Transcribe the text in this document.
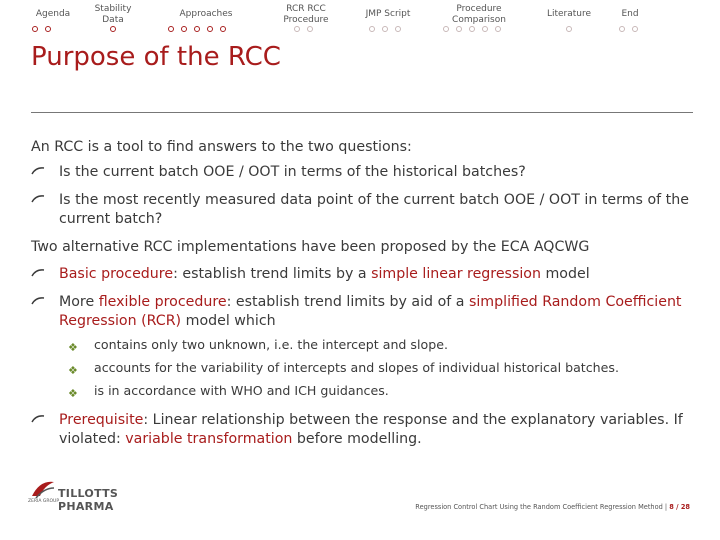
Agenda	Stability
Data
Approaches	RCR RCC
Procedure
JMP Script	Procedure
Comparison
Literature	End
Purpose of the RCC

An RCC is a tool to find answers to the two questions:

Is the current batch OOE / OOT in terms of the historical batches?
Is the most recently measured data point of the current batch OOE / OOT in terms of the current batch?

Two alternative RCC implementations have been proposed by the ECA AQCWG

Basic procedure: establish trend limits by a simple linear regression model
More flexible procedure: establish trend limits by aid of a simplified Random Coefficient Regression (RCR) model which
❖ contains only two unknown, i.e. the intercept and slope.
❖ accounts for the variability of intercepts and slopes of individual historical batches.
❖ is in accordance with WHO and ICH guidances.
Prerequisite: Linear relationship between the response and the explanatory variables. If violated: variable transformation before modelling.
TILLOTTS PHARMA
ZERIA GROUP
Regression Control Chart Using the Random Coefficient Regression Method | 8 / 28
